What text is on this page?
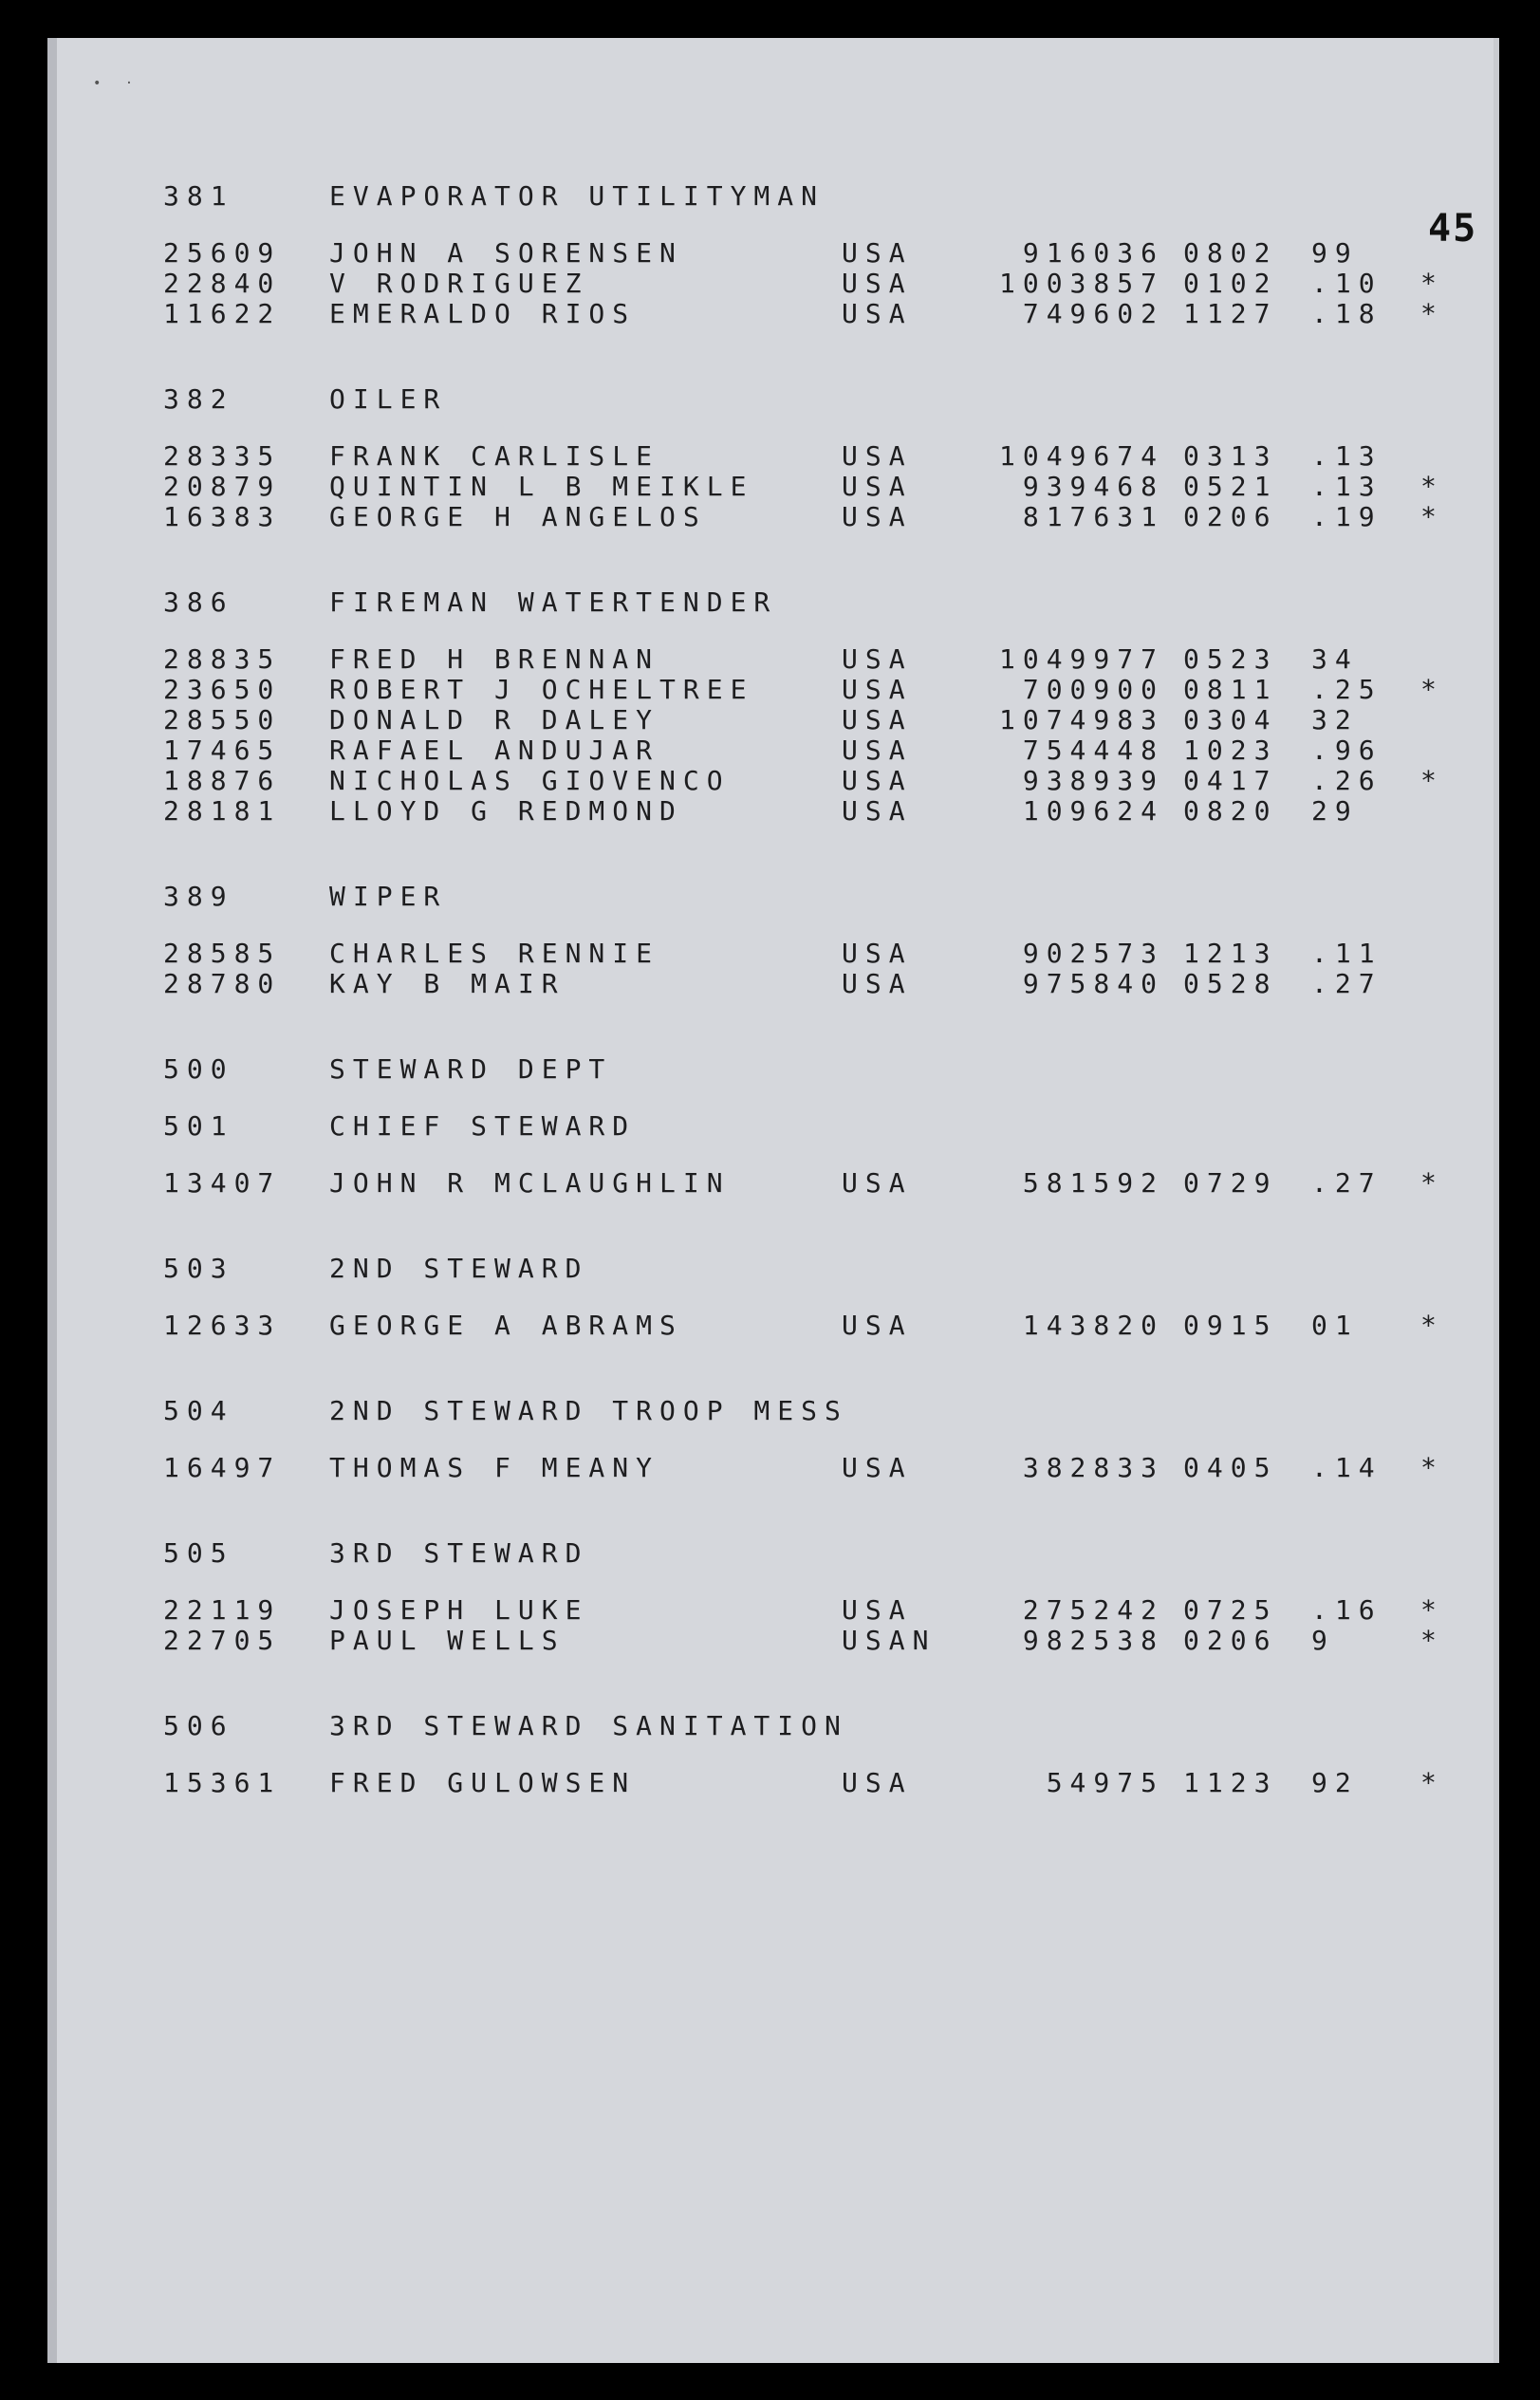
•   ·
45
381	EVAPORATOR UTILITYMAN
25609 JOHN A SORENSEN	USA	916036 0802 99
22840 V RODRIGUEZ	USA	1003857 0102 .10 *
11622 EMERALDO RIOS	USA	749602 1127 .18 *
382	OILER
28335 FRANK CARLISLE	USA	1049674 0313 .13
20879 QUINTIN L B MEIKLE	USA	939468 0521 .13 *
16383 GEORGE H ANGELOS	USA	817631 0206 .19 *
386	FIREMAN WATERTENDER
28835 FRED H BRENNAN	USA	1049977 0523 34
23650 ROBERT J OCHELTREE	USA	700900 0811 .25 *
28550 DONALD R DALEY	USA	1074983 0304 32
17465 RAFAEL ANDUJAR	USA	754448 1023 .96
18876 NICHOLAS GIOVENCO	USA	938939 0417 .26 *
28181 LLOYD G REDMOND	USA	109624 0820 29
389	WIPER
28585 CHARLES RENNIE	USA	902573 1213 .11
28780 KAY B MAIR	USA	975840 0528 .27
500	STEWARD DEPT
501	CHIEF STEWARD
13407 JOHN R MCLAUGHLIN	USA	581592 0729 .27 *
503	2ND STEWARD
12633 GEORGE A ABRAMS	USA	143820 0915 01 *
504	2ND STEWARD TROOP MESS
16497 THOMAS F MEANY	USA	382833 0405 .14 *
505	3RD STEWARD
22119 JOSEPH LUKE	USA	275242 0725 .16 *
22705 PAUL WELLS	USAN	982538 0206 9	*
506	3RD STEWARD SANITATION
15361 FRED GULOWSEN	USA	54975 1123 92 *
